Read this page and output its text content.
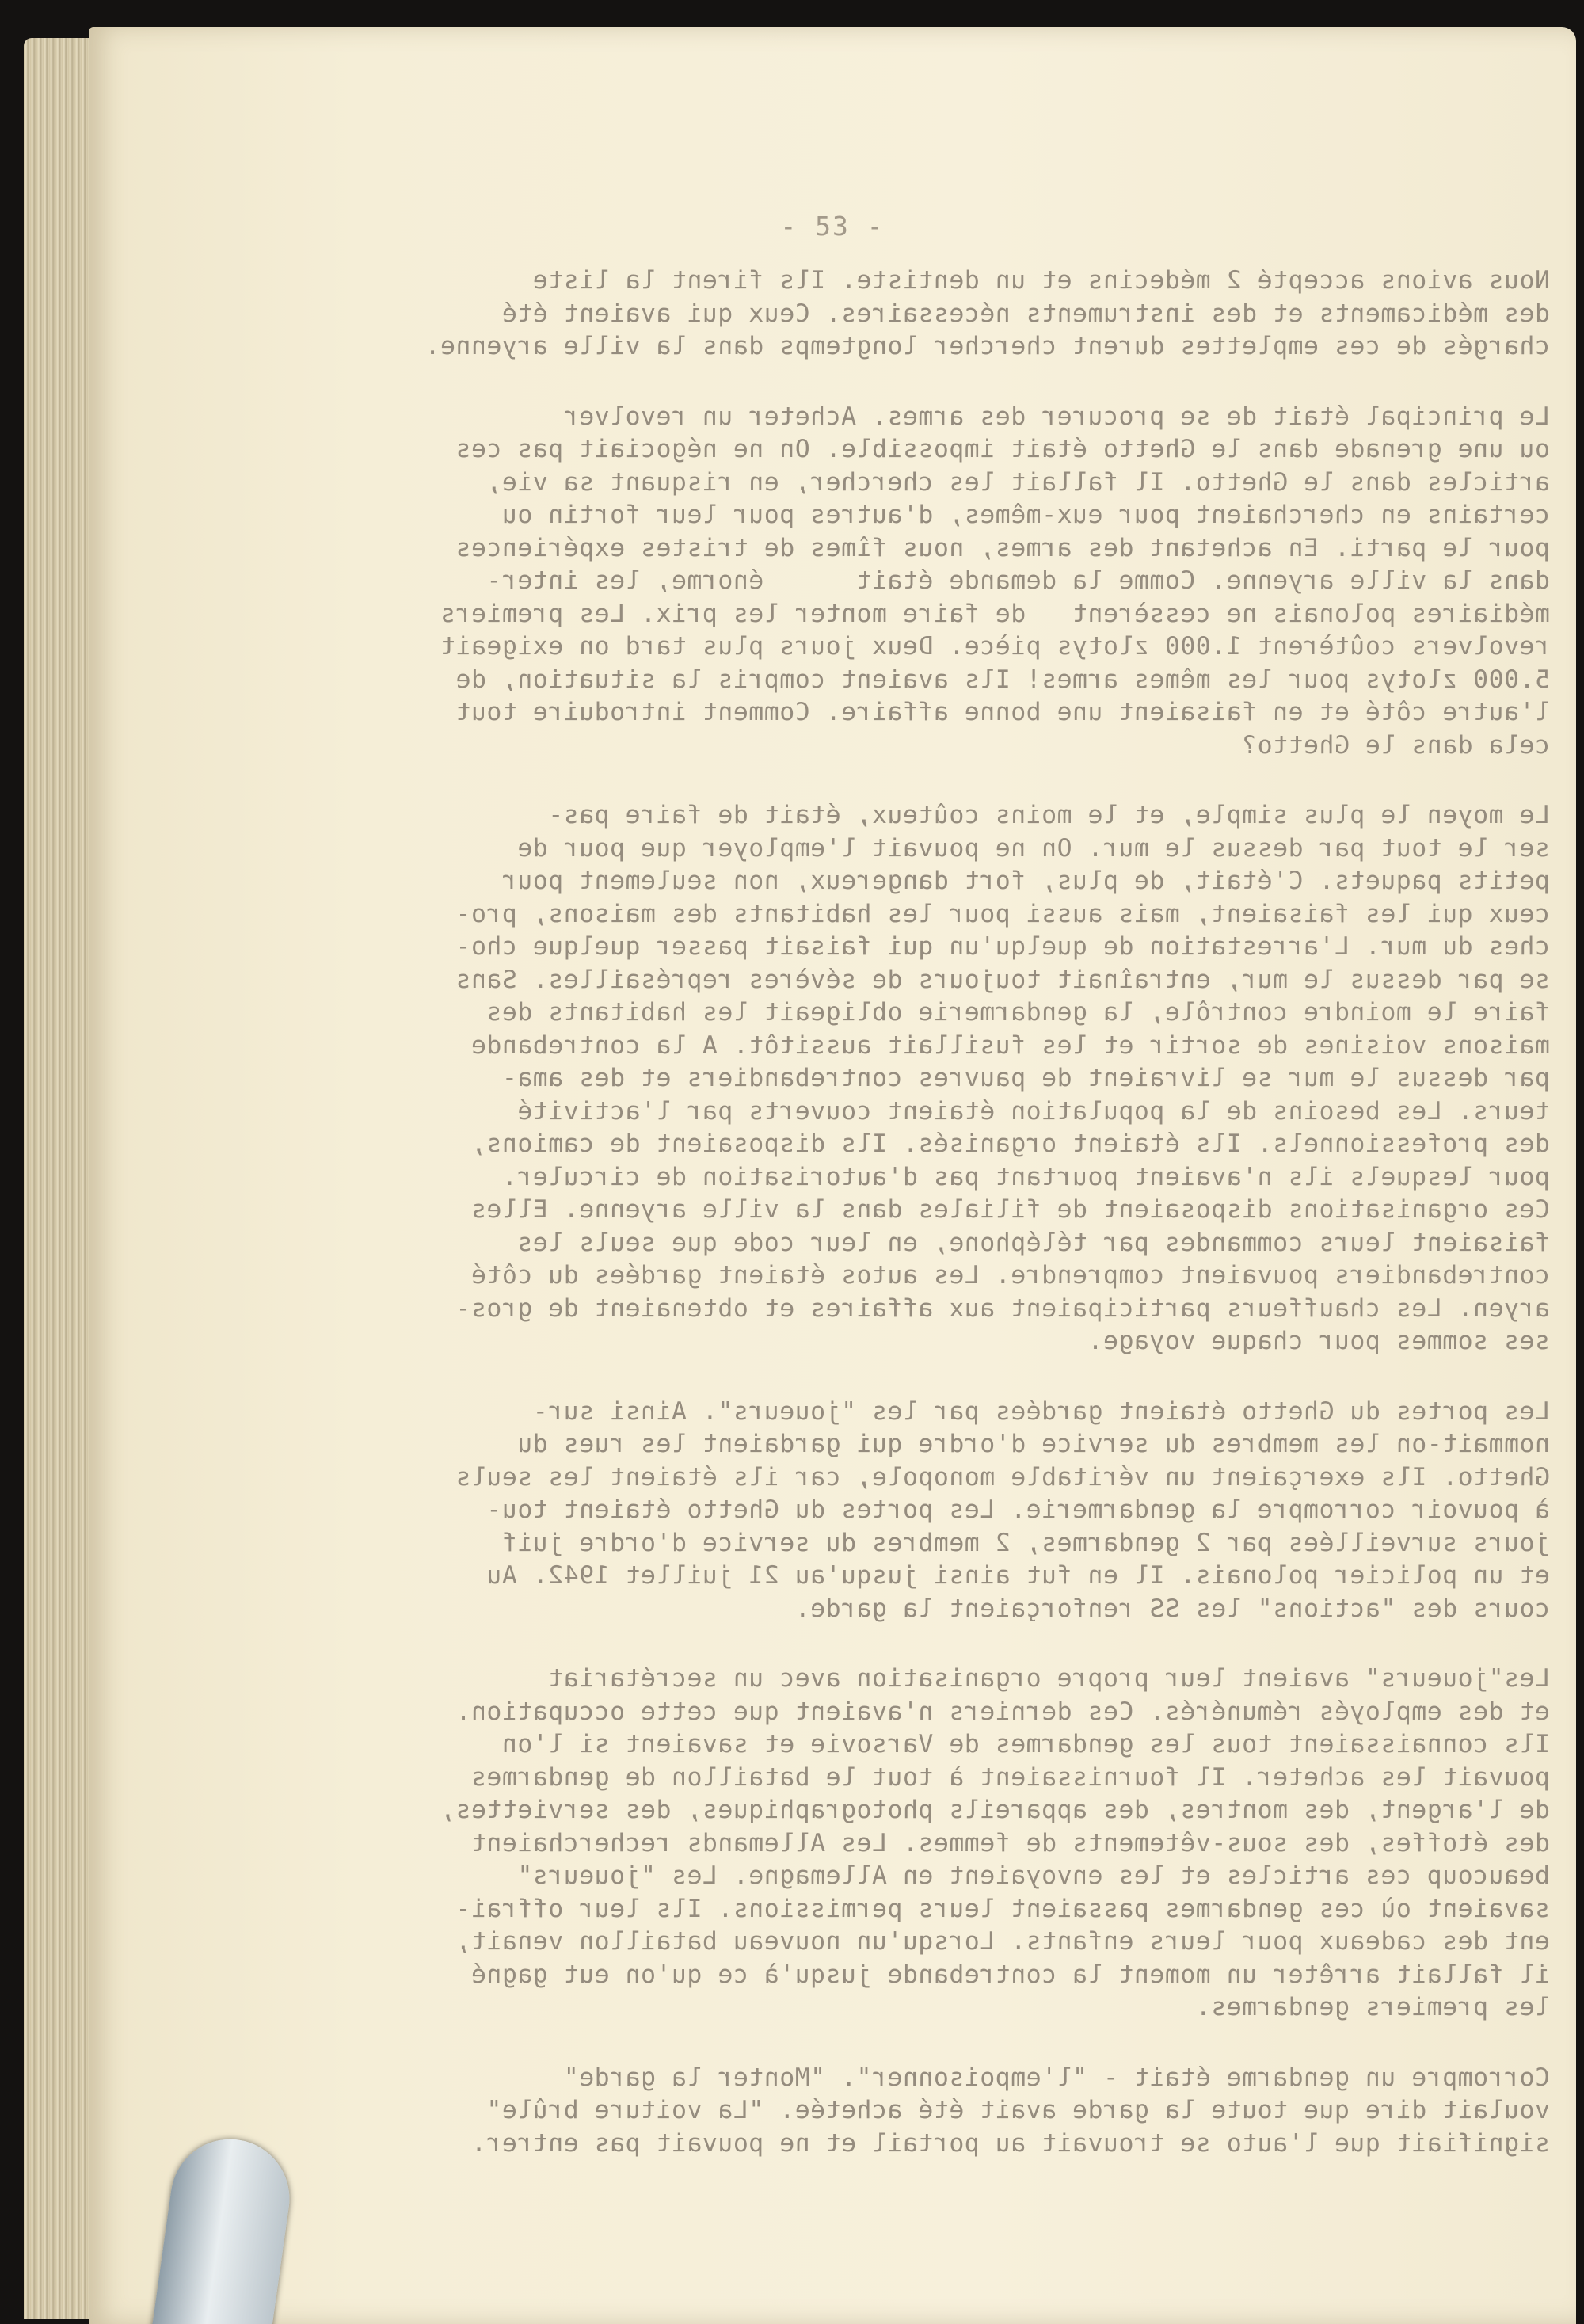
- 53 -
Nous avions accepté 2 médecins et un dentiste. Ils firent la liste
des médicaments et des instruments nécessaires. Ceux qui avaient été
chargés de ces emplettes durent chercher longtemps dans la ville aryenne.
Le principal était de se procurer des armes. Acheter un revolver
ou une grenade dans le Ghetto était impossible. On ne négociait pas ces
articles dans le Ghetto. Il fallait les chercher, en risquant sa vie,
certains en cherchaient pour eux-mêmes, d'autres pour leur fortin ou
pour le parti. En achetant des armes, nous fîmes de tristes expériences
dans la ville aryenne. Comme la demande était      énorme, les inter-
médiaires polonais ne cessèrent   de faire monter les prix. Les premiers
revolvers coûtèrent 1.000 zlotys pièce. Deux jours plus tard on exigeait
5.000 zlotys pour les mêmes armes! Ils avaient compris la situation, de
l'autre côté et en faisaient une bonne affaire. Comment introduire tout
cela dans le Ghetto?
Le moyen le plus simple, et le moins coûteux, était de faire pas-
ser le tout par dessus le mur. On ne pouvait l'employer que pour de
petits paquets. C'était, de plus, fort dangereux, non seulement pour
ceux qui les faisaient, mais aussi pour les habitants des maisons, pro-
ches du mur. L'arrestation de quelqu'un qui faisait passer quelque cho-
se par dessus le mur, entraînait toujours de sévères représailles. Sans
faire le moindre contrôle, la gendarmerie obligeait les habitants des
maisons voisines de sortir et les fusillait aussitôt. A la contrebande
par dessus le mur se livraient de pauvres contrebandiers et des ama-
teurs. Les besoins de la population étaient couverts par l'activité
des professionnels. Ils étaient organisés. Ils disposaient de camions,
pour lesquels ils n'avaient pourtant pas d'autorisation de circuler.
Ces organisations disposaient de filiales dans la ville aryenne. Elles
faisaient leurs commandes par téléphone, en leur code que seuls les
contrebandiers pouvaient comprendre. Les autos étaient gardées du côté
aryen. Les chauffeurs participaient aux affaires et obtenaient de gros-
ses sommes pour chaque voyage.
Les portes du Ghetto étaient gardées par les "joueurs". Ainsi sur-
nommait-on les membres du service d'ordre qui gardaient les rues du
Ghetto. Ils exerçaient un véritable monopole, car ils étaient les seuls
à pouvoir corrompre la gendarmerie. Les portes du Ghetto étaient tou-
jours surveillées par 2 gendarmes, 2 membres du service d'ordre juif
et un policier polonais. Il en fut ainsi jusqu'au 21 juillet 1942. Au
cours des "actions" les SS renforçaient la garde.
Les"joueurs" avaient leur propre organisation avec un secrétariat
et des employés rémunérés. Ces derniers n'avaient que cette occupation.
Ils connaissaient tous les gendarmes de Varsovie et savaient si l'on
pouvait les acheter. Il fournissaient à tout le bataillon de gendarmes
de l'argent, des montres, des appareils photographiques, des serviettes,
des étoffes, des sous-vêtements de femmes. Les Allemands recherchaient
beaucoup ces articles et les envoyaient en Allemagne. Les "joueurs"
savaient où ces gendarmes passaient leurs permissions. Ils leur offrai-
ent des cadeaux pour leurs enfants. Lorsqu'un nouveau bataillon venait,
il fallait arrêter un moment la contrebande jusqu'à ce qu'on eut gagné
les premiers gendarmes.
Corrompre un gendarme était - "l'empoisonner". "Monter la garde"
voulait dire que toute la garde avait été achetée. "La voiture brûle"
signifiait que l'auto se trouvait au portail et ne pouvait pas entrer.
